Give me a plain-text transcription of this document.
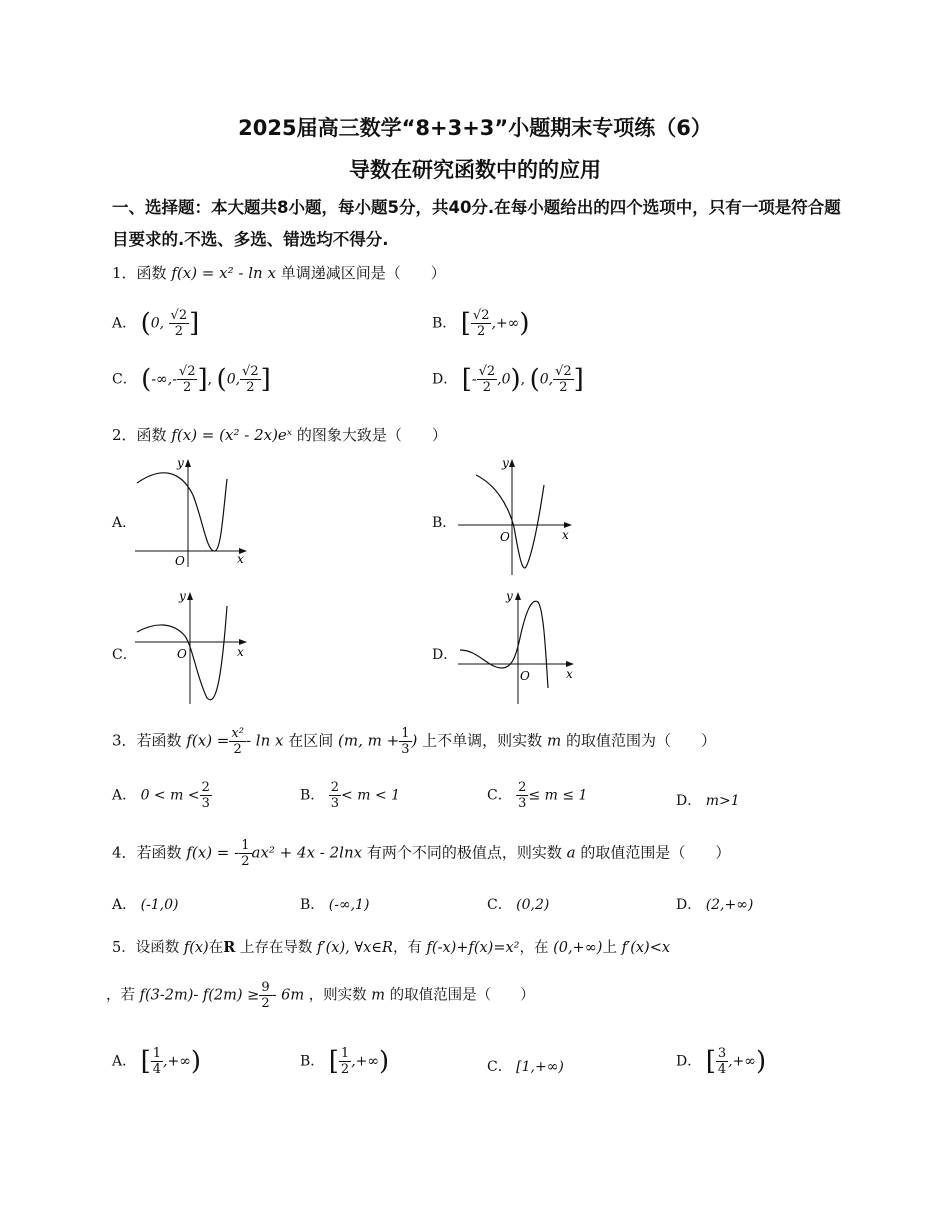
2025届高三数学“8+3+3”小题期末专项练（6）
导数在研究函数中的的应用
一、选择题：本大题共8小题，每小题5分，共40分.在每小题给出的四个选项中，只有一项是符合题目要求的.不选、多选、错选均不得分.
1．函数 f(x) = x² - ln x 单调递减区间是（　　）
A． (0, $\frac{√2}{2}$ ]	B． [ $\frac{√2}{2}$ ,+∞)
C． (-∞,- $\frac{√2}{2}$ ], (0, $\frac{√2}{2}$ ]	D． [- $\frac{√2}{2} ,0$), (0, $\frac{√2}{2}$ ]
2．函数 f(x) = (x² - 2x)eˣ 的图象大致是（　　）
A．
O	x
y
B．
O	x
y
C．	O	x
y
D．
O	x
y
3．若函数 $f(x) = \frac{\text{x²}}{2} - \ln x$ 在区间 (m, $m + \frac{1}{3}$ ) 上不单调，则实数 m 的取值范围为（　　）
A． $0 < m < \frac{2}{3}$	B． $\frac{2}{3} < m < 1$	C． $\frac{2}{3} \le m \le 1$	D． m>1
4．若函数 f(x) = - $\frac{1}{2} ax^2 + 4x - 2\ln x$ 有两个不同的极值点，则实数 a 的取值范围是（　　）
A． (-1,0)	B． (-∞,1)	C． (0,2)	D． (2,+∞)
5．设函数 f(x)在R 上存在导数 f′(x), ∀x∈R，有 f(-x)+f(x)=x²，在 (0,+∞)上 f′(x)<x
，若 f(3-2m)- $f(2m) \ge \frac{9}{2} - 6m$ ，则实数 m 的取值范围是（　　）
A． [ $\frac{1}{4}$ ,+∞)	B． [ $\frac{1}{2}$ ,+∞)	C． [1,+∞)	D． [ $\frac{3}{4}$ ,+∞)
